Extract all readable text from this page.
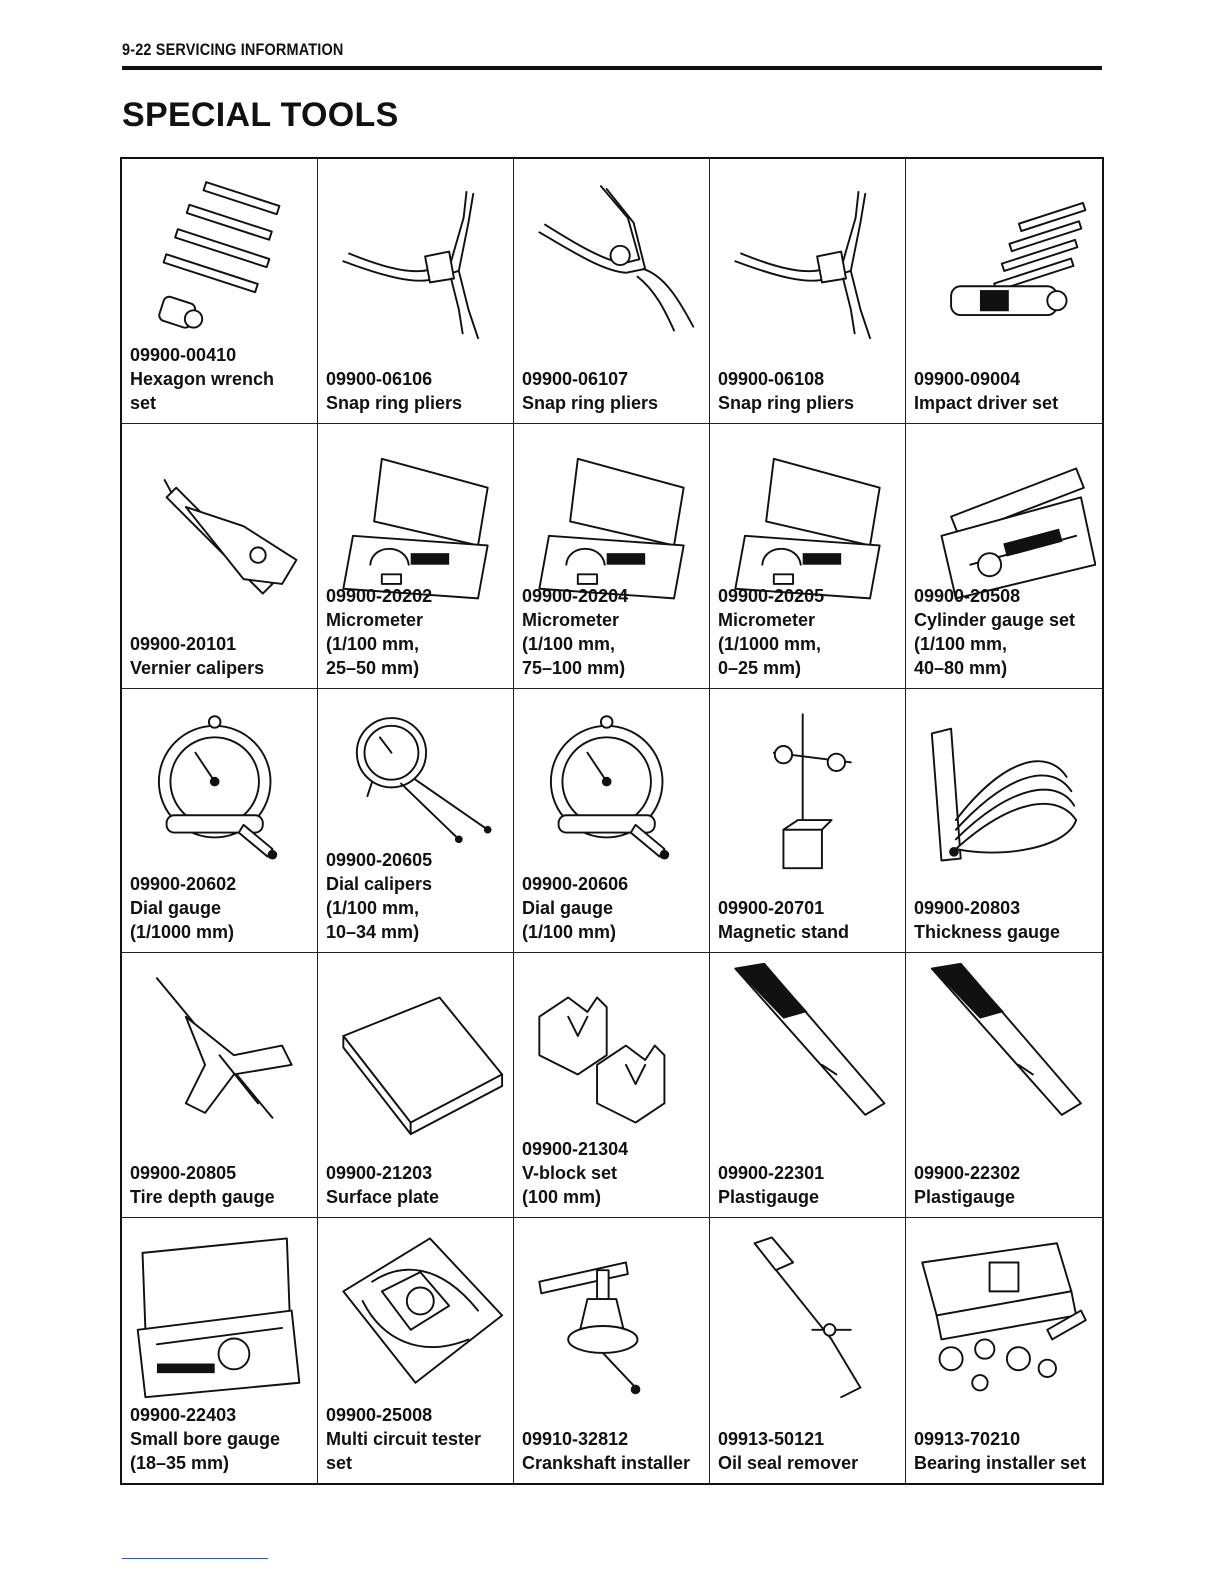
9-22 SERVICING INFORMATION
SPECIAL TOOLS
09900-00410
Hexagon wrench
set
09900-06106
Snap ring pliers
09900-06107
Snap ring pliers
09900-06108
Snap ring pliers
09900-09004
Impact driver set
09900-20101
Vernier calipers
09900-20202
Micrometer
(1/100 mm,
25–50 mm)
09900-20204
Micrometer
(1/100 mm,
75–100 mm)
09900-20205
Micrometer
(1/1000 mm,
0–25 mm)
09900-20508
Cylinder gauge set
(1/100 mm,
40–80 mm)
09900-20602
Dial gauge
(1/1000 mm)
09900-20605
Dial calipers
(1/100 mm,
10–34 mm)
09900-20606
Dial gauge
(1/100 mm)
09900-20701
Magnetic stand
09900-20803
Thickness gauge
09900-20805
Tire depth gauge
09900-21203
Surface plate
09900-21304
V-block set
(100 mm)
09900-22301
Plastigauge
09900-22302
Plastigauge
09900-22403
Small bore gauge
(18–35 mm)
09900-25008
Multi circuit tester
set
09910-32812
Crankshaft installer
09913-50121
Oil seal remover
09913-70210
Bearing installer set
